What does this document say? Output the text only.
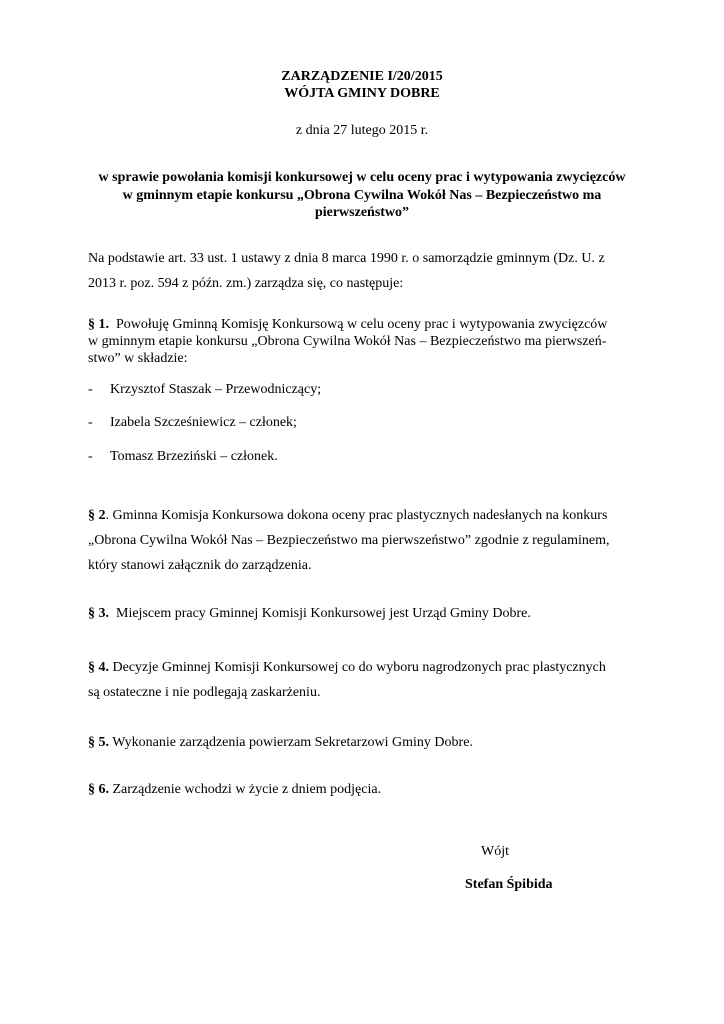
ZARZĄDZENIE I/20/2015
WÓJTA GMINY DOBRE
z dnia 27 lutego 2015 r.
w sprawie powołania komisji konkursowej w celu oceny prac i wytypowania zwycięzców
w gminnym etapie konkursu „Obrona Cywilna Wokół Nas – Bezpieczeństwo ma
pierwszeństwo”
Na podstawie art. 33 ust. 1 ustawy z dnia 8 marca 1990 r. o samorządzie gminnym (Dz. U. z
2013 r. poz. 594 z późn. zm.) zarządza się, co następuje:
§ 1. Powołuję Gminną Komisję Konkursową w celu oceny prac i wytypowania zwycięzców
w gminnym etapie konkursu „Obrona Cywilna Wokół Nas – Bezpieczeństwo ma pierwszeń-
stwo” w składzie:
- Krzysztof Staszak – Przewodniczący;
- Izabela Szcześniewicz – członek;
- Tomasz Brzeziński – członek.
§ 2. Gminna Komisja Konkursowa dokona oceny prac plastycznych nadesłanych na konkurs
„Obrona Cywilna Wokół Nas – Bezpieczeństwo ma pierwszeństwo” zgodnie z regulaminem,
który stanowi załącznik do zarządzenia.
§ 3. Miejscem pracy Gminnej Komisji Konkursowej jest Urząd Gminy Dobre.
§ 4. Decyzje Gminnej Komisji Konkursowej co do wyboru nagrodzonych prac plastycznych
są ostateczne i nie podlegają zaskarżeniu.
§ 5. Wykonanie zarządzenia powierzam Sekretarzowi Gminy Dobre.
§ 6. Zarządzenie wchodzi w życie z dniem podjęcia.
Wójt
Stefan Śpibida
